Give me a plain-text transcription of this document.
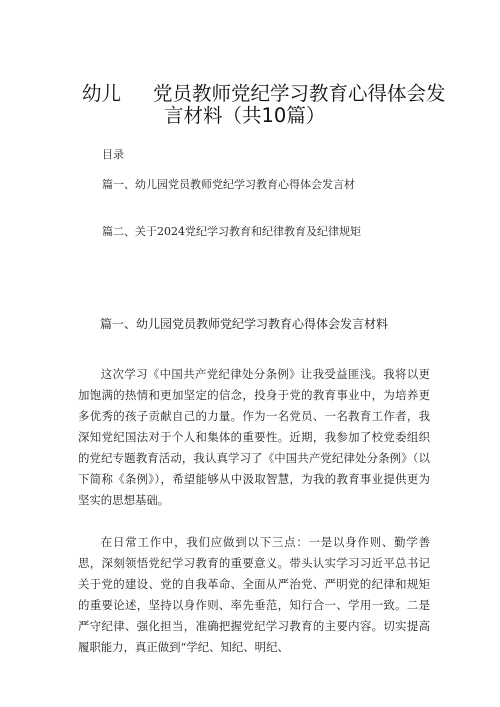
幼儿 党员教师党纪学习教育心得体会发
言材料（共10篇）
目录
篇一、幼儿园党员教师党纪学习教育心得体会发言材
篇二、关于2024党纪学习教育和纪律教育及纪律规矩
篇一、幼儿园党员教师党纪学习教育心得体会发言材料

这次学习《中国共产党纪律处分条例》让我受益匪浅。我将以更加饱满的热情和更加坚定的信念，投身于党的教育事业中，为培养更多优秀的孩子贡献自己的力量。作为一名党员、一名教育工作者，我深知党纪国法对于个人和集体的重要性。近期，我参加了校党委组织的党纪专题教育活动，我认真学习了《中国共产党纪律处分条例》（以下简称《条例》），希望能够从中汲取智慧，为我的教育事业提供更为坚实的思想基础。

在日常工作中，我们应做到以下三点：一是以身作则、勤学善思，深刻领悟党纪学习教育的重要意义。带头认实学习习近平总书记关于党的建设、党的自我革命、全面从严治党、严明党的纪律和规矩的重要论述，坚持以身作则、率先垂范，知行合一、学用一致。二是严守纪律、强化担当，准确把握党纪学习教育的主要内容。切实提高履职能力，真正做到“学纪、知纪、明纪、
